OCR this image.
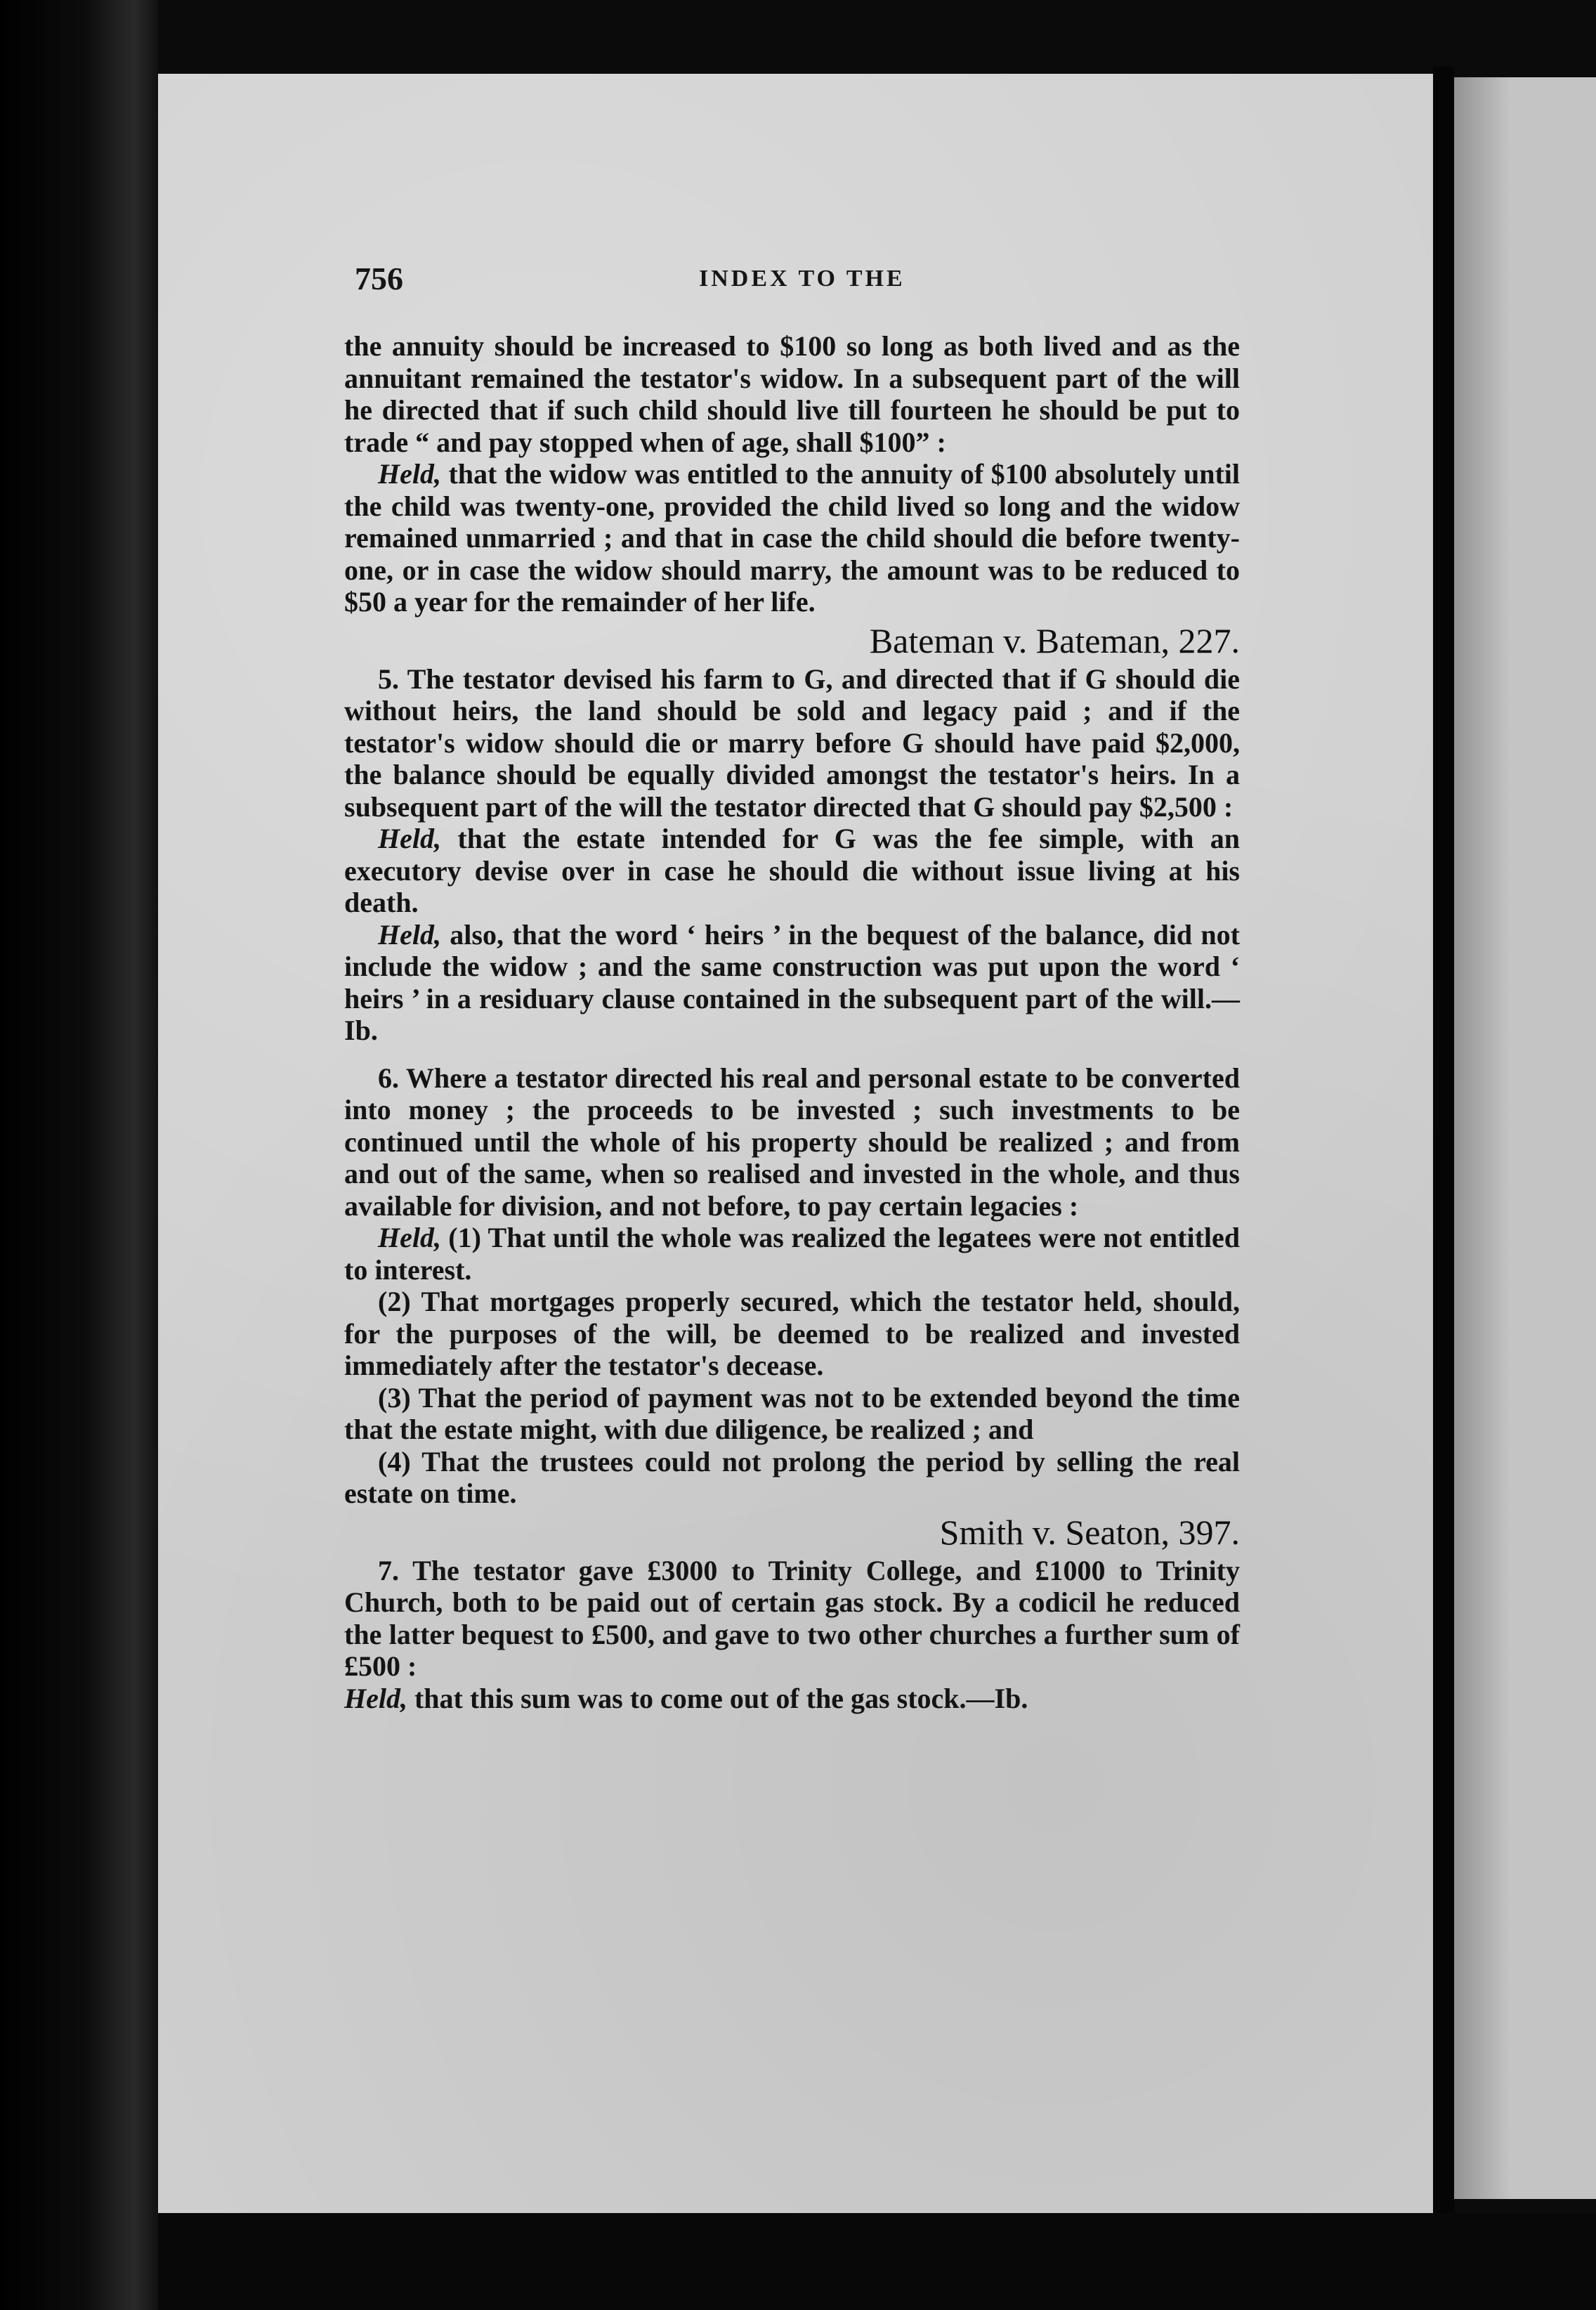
756	INDEX TO THE

the annuity should be increased to $100 so long as both lived and as the annuitant remained the testator's widow. In a subsequent part of the will he directed that if such child should live till fourteen he should be put to trade “ and pay stopped when of age, shall $100” :

Held, that the widow was entitled to the annuity of $100 absolutely until the child was twenty-one, provided the child lived so long and the widow remained unmarried ; and that in case the child should die before twenty-one, or in case the widow should marry, the amount was to be reduced to $50 a year for the remainder of her life.

Bateman v. Bateman, 227.

5. The testator devised his farm to G, and directed that if G should die without heirs, the land should be sold and legacy paid ; and if the testator's widow should die or marry before G should have paid $2,000, the balance should be equally divided amongst the testator's heirs. In a subsequent part of the will the testator directed that G should pay $2,500 :

Held, that the estate intended for G was the fee simple, with an executory devise over in case he should die without issue living at his death.

Held, also, that the word ‘ heirs ’ in the bequest of the balance, did not include the widow ; and the same construction was put upon the word ‘ heirs ’ in a residuary clause contained in the subsequent part of the will.—Ib.

6. Where a testator directed his real and personal estate to be converted into money ; the proceeds to be invested ; such investments to be continued until the whole of his property should be realized ; and from and out of the same, when so realised and invested in the whole, and thus available for division, and not before, to pay certain legacies :

Held, (1) That until the whole was realized the legatees were not entitled to interest.

(2) That mortgages properly secured, which the testator held, should, for the purposes of the will, be deemed to be realized and invested immediately after the testator's decease.

(3) That the period of payment was not to be extended beyond the time that the estate might, with due diligence, be realized ; and

(4) That the trustees could not prolong the period by selling the real estate on time.

Smith v. Seaton, 397.

7. The testator gave £3000 to Trinity College, and £1000 to Trinity Church, both to be paid out of certain gas stock. By a codicil he reduced the latter bequest to £500, and gave to two other churches a further sum of £500 :

Held, that this sum was to come out of the gas stock.—Ib.
